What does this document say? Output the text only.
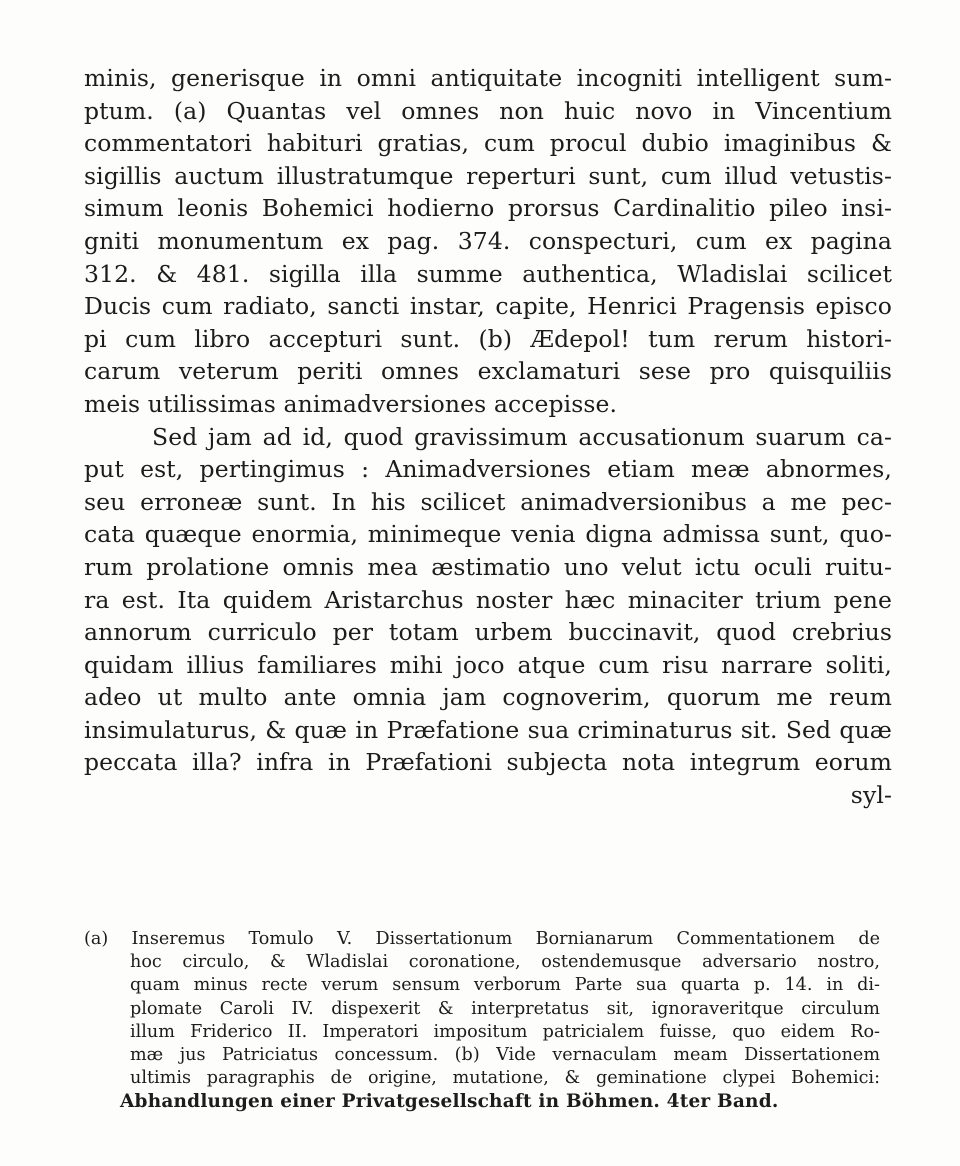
minis, generisque in omni antiquitate incogniti intelligent sum-
ptum. (a) Quantas vel omnes non huic novo in Vincentium
commentatori habituri gratias, cum procul dubio imaginibus &
sigillis auctum illustratumque reperturi sunt, cum illud vetustis-
simum leonis Bohemici hodierno prorsus Cardinalitio pileo insi-
gniti monumentum ex pag. 374. conspecturi, cum ex pagina
312. & 481. sigilla illa summe authentica, Wladislai scilicet
Ducis cum radiato, sancti instar, capite, Henrici Pragensis episco
pi cum libro accepturi sunt. (b) Ædepol! tum rerum histori-
carum veterum periti omnes exclamaturi sese pro quisquiliis
meis utilissimas animadversiones accepisse.
Sed jam ad id, quod gravissimum accusationum suarum ca-
put est, pertingimus : Animadversiones etiam meæ abnormes,
seu erroneæ sunt. In his scilicet animadversionibus a me pec-
cata quæque enormia, minimeque venia digna admissa sunt, quo-
rum prolatione omnis mea æstimatio uno velut ictu oculi ruitu-
ra est. Ita quidem Aristarchus noster hæc minaciter trium pene
annorum curriculo per totam urbem buccinavit, quod crebrius
quidam illius familiares mihi joco atque cum risu narrare soliti,
adeo ut multo ante omnia jam cognoverim, quorum me reum
insimulaturus, & quæ in Præfatione sua criminaturus sit. Sed quæ
peccata illa? infra in Præfationi subjecta nota integrum eorum
syl-
(a) Inseremus Tomulo V. Dissertationum Bornianarum Commentationem de
hoc circulo, & Wladislai coronatione, ostendemusque adversario nostro,
quam minus recte verum sensum verborum Parte sua quarta p. 14. in di-
plomate Caroli IV. dispexerit & interpretatus sit, ignoraveritque circulum
illum Friderico II. Imperatori impositum patricialem fuisse, quo eidem Ro-
mæ jus Patriciatus concessum. (b) Vide vernaculam meam Dissertationem
ultimis paragraphis de origine, mutatione, & geminatione clypei Bohemici:
Abhandlungen einer Privatgesellschaft in Böhmen. 4ter Band.
